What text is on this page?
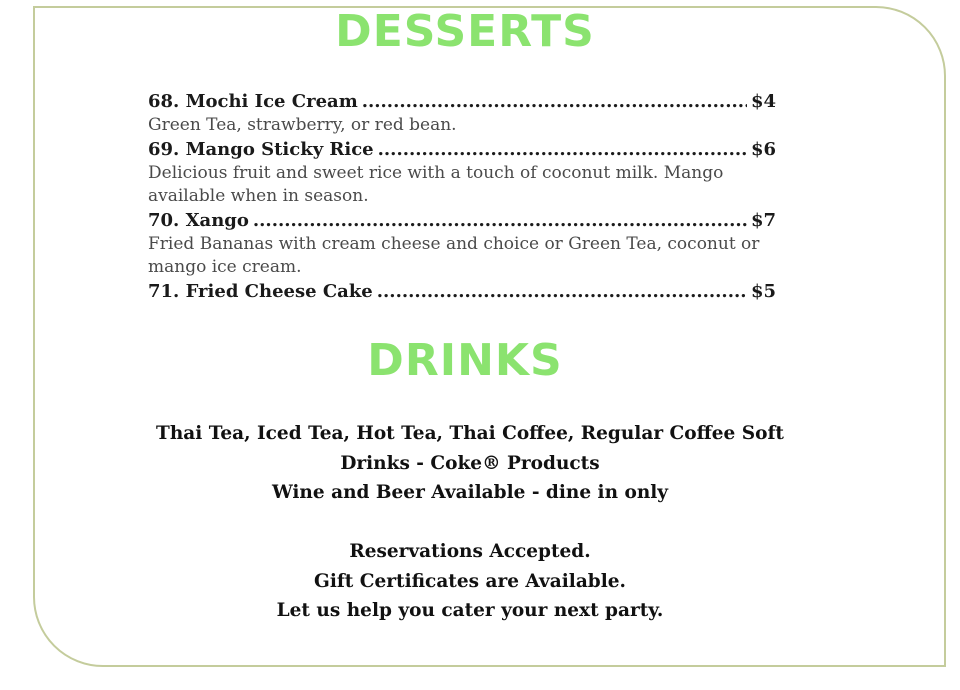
DESSERTS
68. Mochi Ice Cream .....	$4
Green Tea, strawberry, or red bean.
69. Mango Sticky Rice .....	$6
Delicious fruit and sweet rice with a touch of coconut milk. Mango available when in season.
70. Xango .....	$7
Fried Bananas with cream cheese and choice or Green Tea, coconut or mango ice cream.
71. Fried Cheese Cake .....	$5
DRINKS
Thai Tea, Iced Tea, Hot Tea, Thai Coffee, Regular Coffee Soft
Drinks - Coke® Products
Wine and Beer Available - dine in only
Reservations Accepted.
Gift Certificates are Available.
Let us help you cater your next party.
